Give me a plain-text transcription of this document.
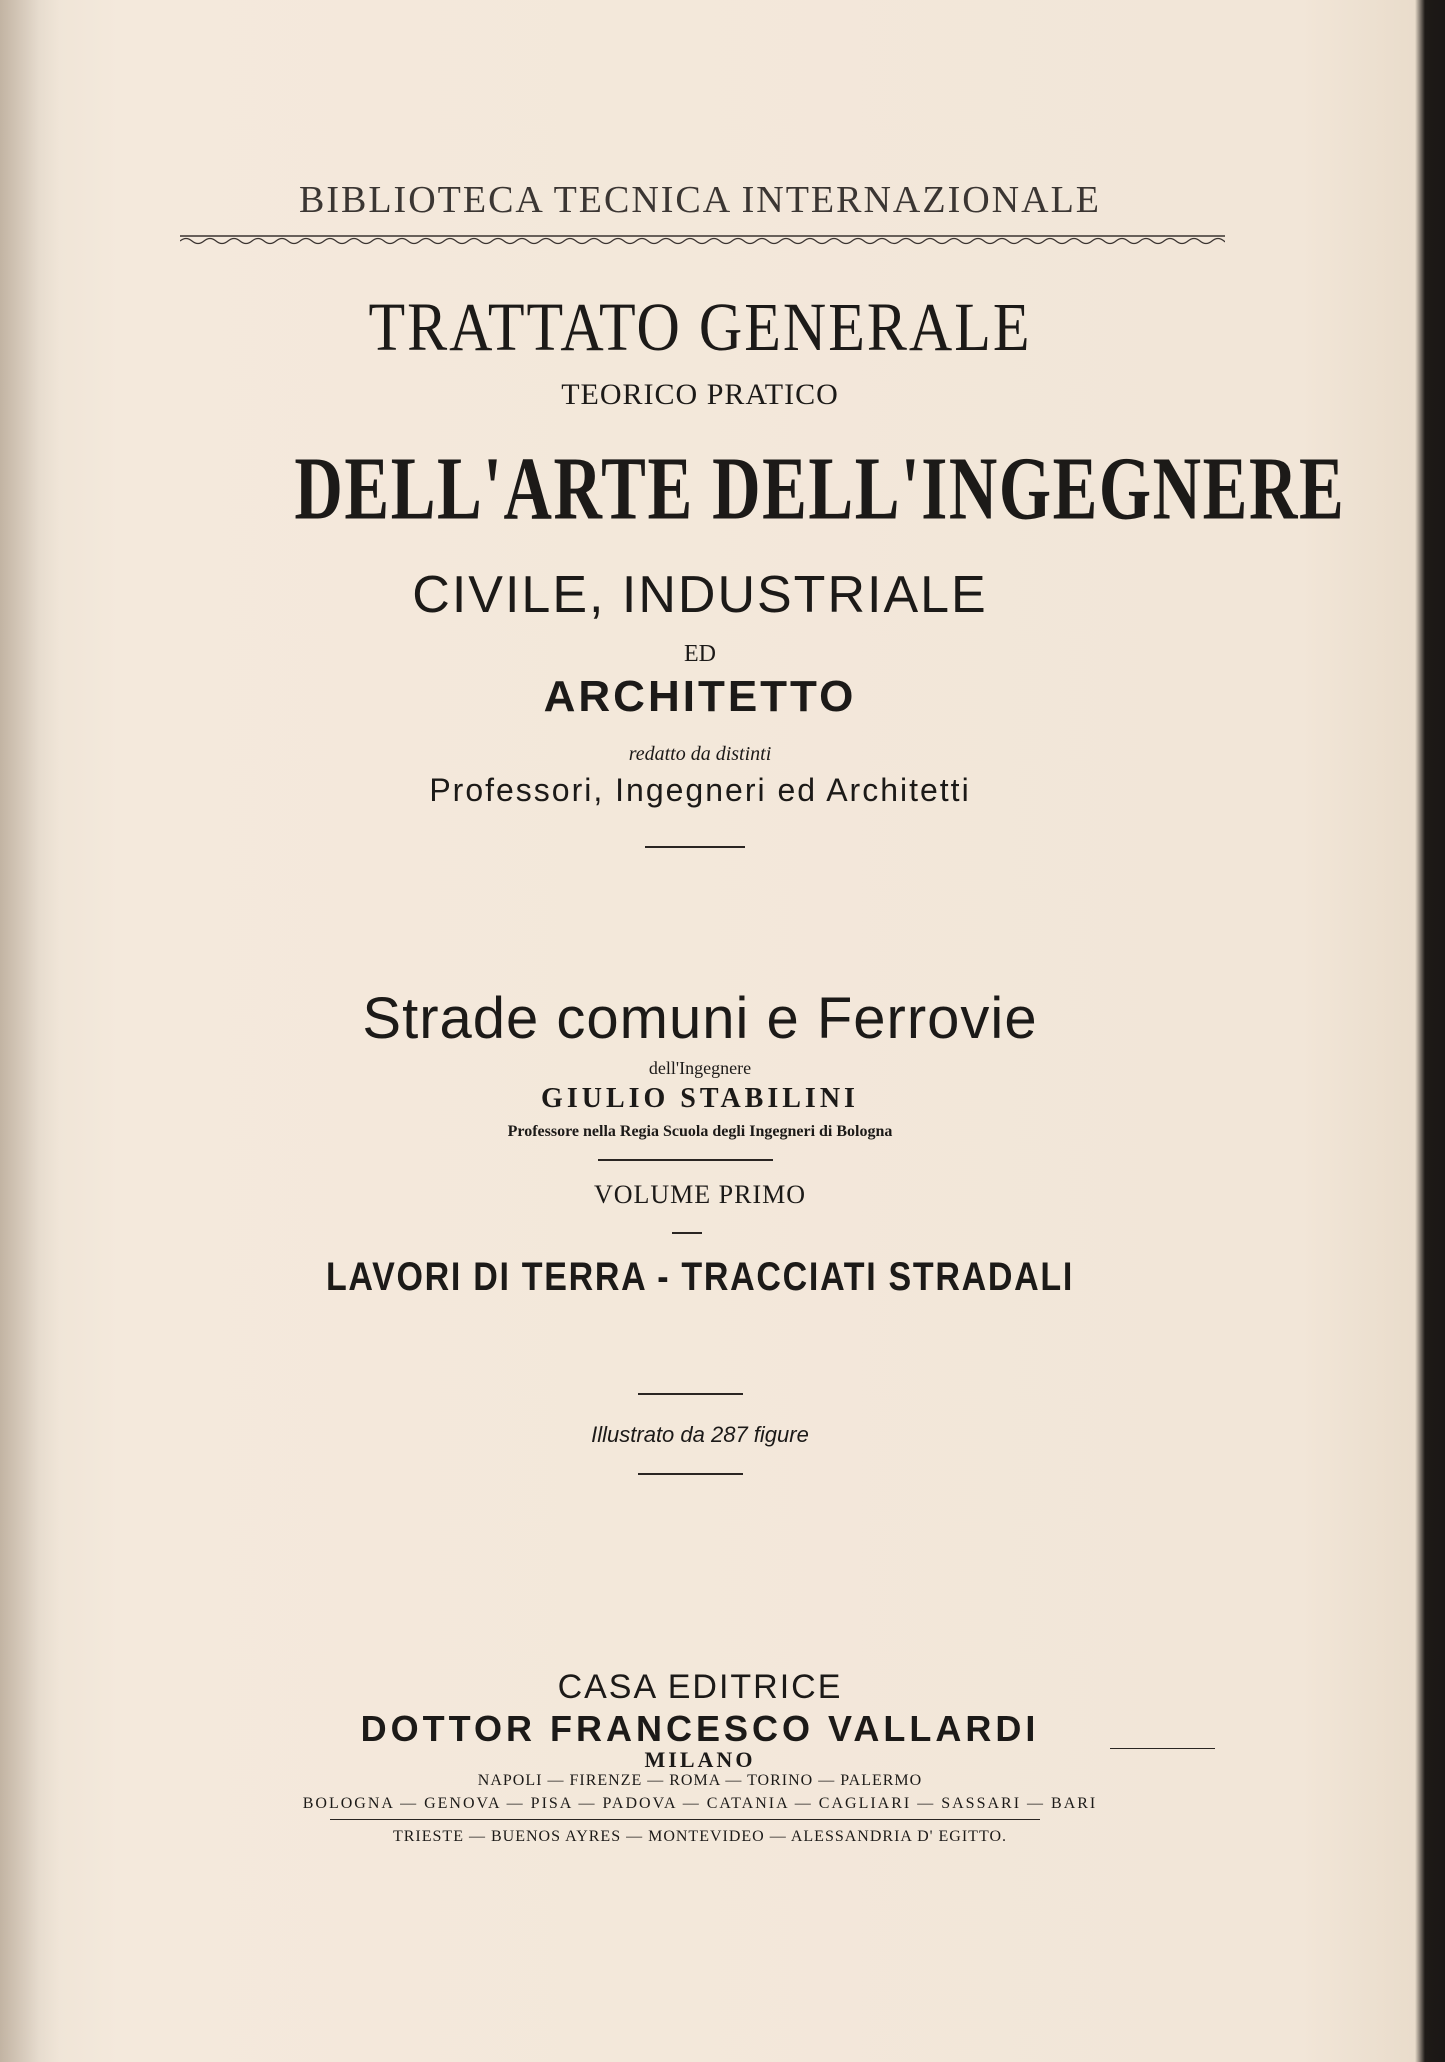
BIBLIOTECA TECNICA INTERNAZIONALE

TRATTATO GENERALE

TEORICO PRATICO

DELL'ARTE DELL'INGEGNERE

CIVILE, INDUSTRIALE

ED

ARCHITETTO

redatto da distinti

Professori, Ingegneri ed Architetti

Strade comuni e Ferrovie

dell'Ingegnere

GIULIO STABILINI

Professore nella Regia Scuola degli Ingegneri di Bologna

VOLUME PRIMO

LAVORI DI TERRA - TRACCIATI STRADALI

Illustrato da 287 figure

CASA EDITRICE

DOTTOR FRANCESCO VALLARDI

MILANO

NAPOLI — FIRENZE — ROMA — TORINO — PALERMO

BOLOGNA — GENOVA — PISA — PADOVA — CATANIA — CAGLIARI — SASSARI — BARI

TRIESTE — BUENOS AYRES — MONTEVIDEO — ALESSANDRIA D' EGITTO.
